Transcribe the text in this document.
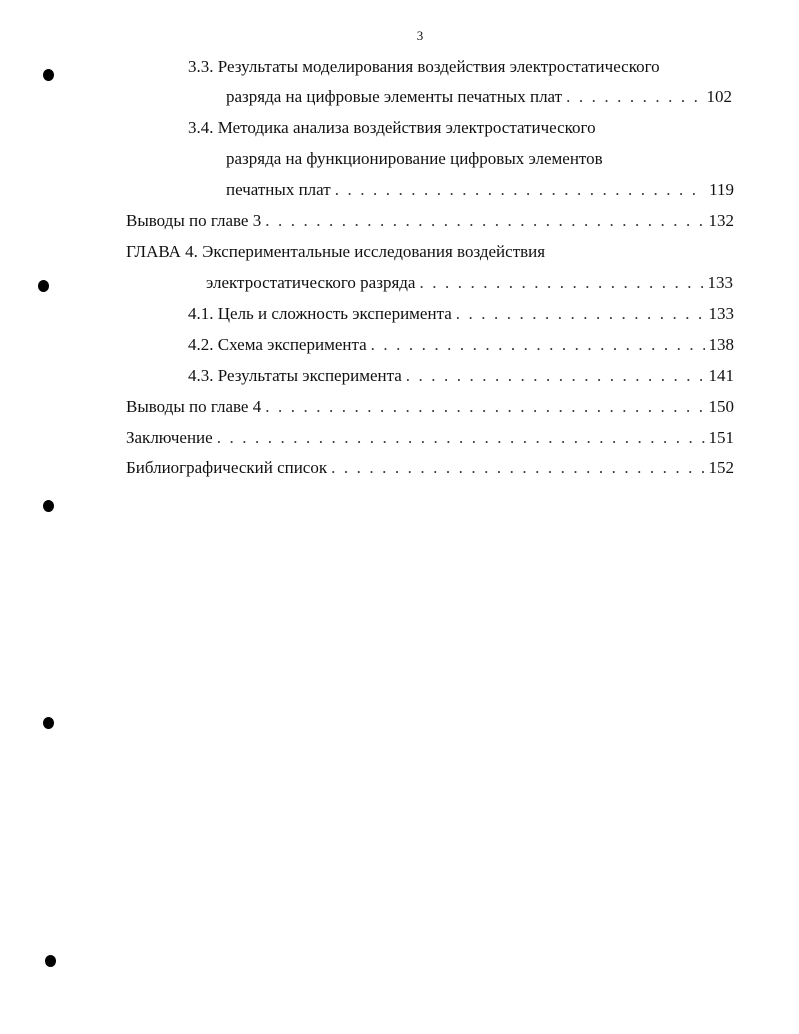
3
3.3. Результаты моделирования воздействия электростатического
разряда на цифровые элементы печатных плат . .	102
3.4. Методика анализа воздействия электростатического
разряда на функционирование цифровых элементов
печатных плат . .	119
Выводы по главе 3 . .	132
ГЛАВА 4. Экспериментальные исследования воздействия
электростатического разряда . .	133
4.1. Цель и сложность эксперимента . .	133
4.2. Схема эксперимента . .	138
4.3. Результаты эксперимента . .	141
Выводы по главе 4 . .	150
Заключение . .	151
Библиографический список . .	152
